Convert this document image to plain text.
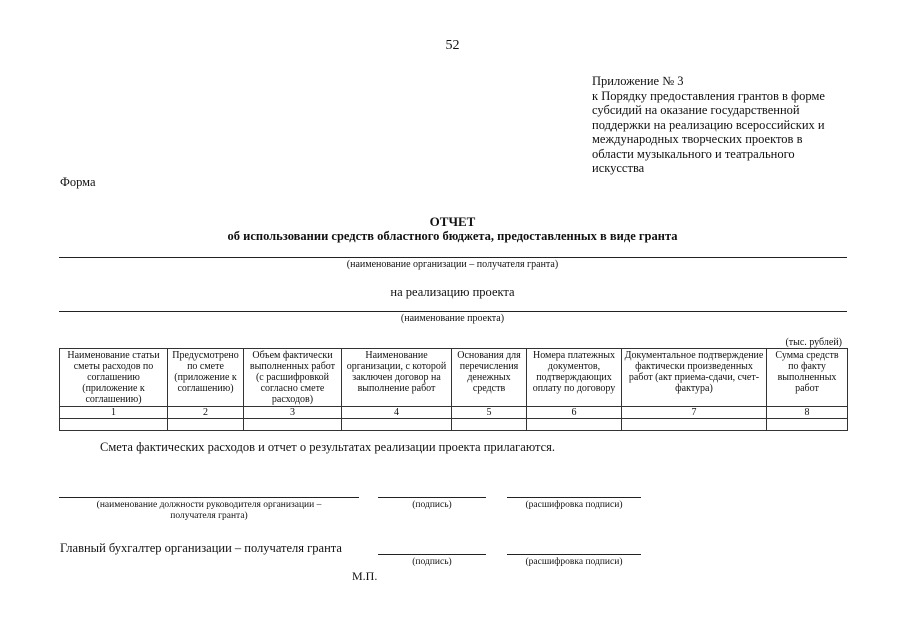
52
Приложение № 3
к Порядку предоставления грантов в форме
субсидий на оказание государственной
поддержки на реализацию всероссийских и
международных творческих проектов в
области музыкального и театрального
искусства
Форма
ОТЧЕТ
об использовании средств областного бюджета, предоставленных в виде гранта
(наименование организации – получателя гранта)
на реализацию проекта
(наименование проекта)
(тыс. рублей)
Наименование статьи сметы расходов по соглашению (приложение к соглашению)	Предусмотрено по смете (приложение к соглашению)	Объем фактически выполненных работ (с расшифровкой согласно смете расходов)	Наименование организации, с которой заключен договор на выполнение работ	Основания для перечисления денежных средств	Номера платежных документов, подтверждающих оплату по договору	Документальное подтверждение фактически произведенных работ (акт приема-сдачи, счет-фактура)	Сумма средств по факту выполненных работ
1	2	3	4	5	6	7	8

Смета фактических расходов и отчет о результатах реализации проекта прилагаются.
(наименование должности руководителя организации –
получателя гранта)
(подпись)	(расшифровка подписи)
Главный бухгалтер организации – получателя гранта
(подпись)	(расшифровка подписи)
М.П.
